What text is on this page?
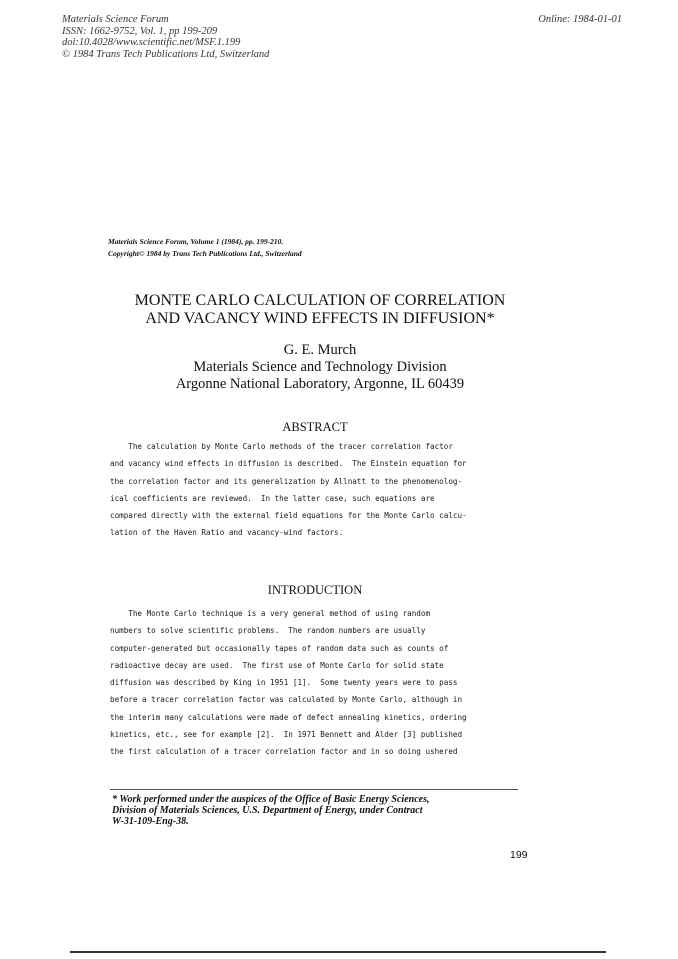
Materials Science Forum
ISSN: 1662-9752, Vol. 1, pp 199-209
doi:10.4028/www.scientific.net/MSF.1.199
© 1984 Trans Tech Publications Ltd, Switzerland
Online: 1984-01-01
Materials Science Forum, Volume 1 (1984), pp. 199-210.
Copyright© 1984 by Trans Tech Publications Ltd., Switzerland
MONTE CARLO CALCULATION OF CORRELATION
AND VACANCY WIND EFFECTS IN DIFFUSION*
G. E. Murch
Materials Science and Technology Division
Argonne National Laboratory, Argonne, IL 60439
ABSTRACT
The calculation by Monte Carlo methods of the tracer correlation factor
and vacancy wind effects in diffusion is described.  The Einstein equation for
the correlation factor and its generalization by Allnatt to the phenomenolog-
ical coefficients are reviewed.  In the latter case, such equations are
compared directly with the external field equations for the Monte Carlo calcu-
lation of the Haven Ratio and vacancy-wind factors.
INTRODUCTION
The Monte Carlo technique is a very general method of using random
numbers to solve scientific problems.  The random numbers are usually
computer-generated but occasionally tapes of random data such as counts of
radioactive decay are used.  The first use of Monte Carlo for solid state
diffusion was described by King in 1951 [1].  Some twenty years were to pass
before a tracer correlation factor was calculated by Monte Carlo, although in
the interim many calculations were made of defect annealing kinetics, ordering
kinetics, etc., see for example [2].  In 1971 Bennett and Alder [3] published
the first calculation of a tracer correlation factor and in so doing ushered
* Work performed under the auspices of the Office of Basic Energy Sciences,
Division of Materials Sciences, U.S. Department of Energy, under Contract
W-31-109-Eng-38.
199
